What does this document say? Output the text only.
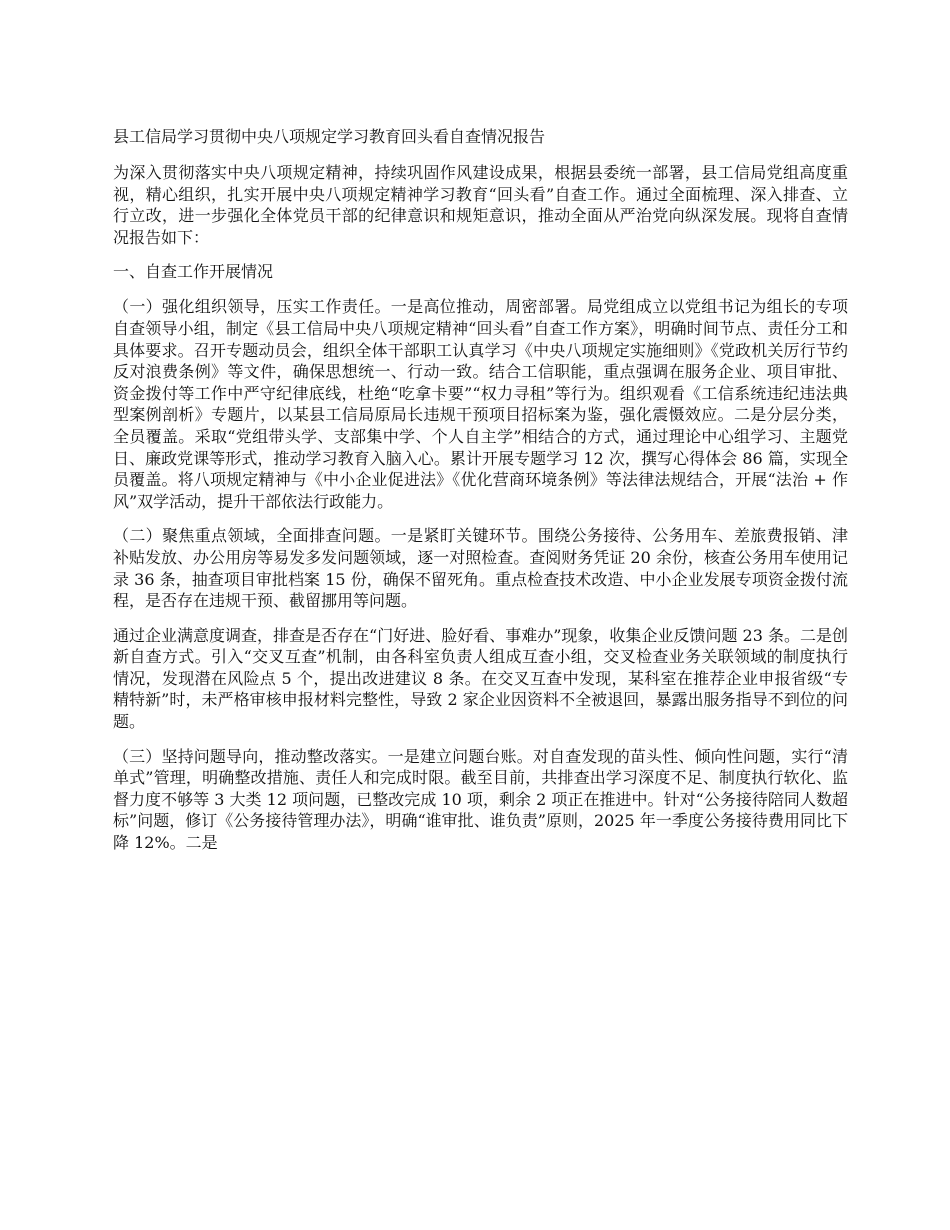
县工信局学习贯彻中央八项规定学习教育回头看自查情况报告

为深入贯彻落实中央八项规定精神，持续巩固作风建设成果，根据县委统一部署，县工信局党组高度重视，精心组织，扎实开展中央八项规定精神学习教育“回头看”自查工作。通过全面梳理、深入排查、立行立改，进一步强化全体党员干部的纪律意识和规矩意识，推动全面从严治党向纵深发展。现将自查情况报告如下：

一、自查工作开展情况

（一）强化组织领导，压实工作责任。一是高位推动，周密部署。局党组成立以党组书记为组长的专项自查领导小组，制定《县工信局中央八项规定精神“回头看”自查工作方案》，明确时间节点、责任分工和具体要求。召开专题动员会，组织全体干部职工认真学习《中央八项规定实施细则》《党政机关厉行节约反对浪费条例》等文件，确保思想统一、行动一致。结合工信职能，重点强调在服务企业、项目审批、资金拨付等工作中严守纪律底线，杜绝“吃拿卡要”“权力寻租”等行为。组织观看《工信系统违纪违法典型案例剖析》专题片，以某县工信局原局长违规干预项目招标案为鉴，强化震慑效应。二是分层分类，全员覆盖。采取“党组带头学、支部集中学、个人自主学”相结合的方式，通过理论中心组学习、主题党日、廉政党课等形式，推动学习教育入脑入心。累计开展专题学习 12 次，撰写心得体会 86 篇，实现全员覆盖。将八项规定精神与《中小企业促进法》《优化营商环境条例》等法律法规结合，开展“法治 + 作风”双学活动，提升干部依法行政能力。

（二）聚焦重点领域，全面排查问题。一是紧盯关键环节。围绕公务接待、公务用车、差旅费报销、津补贴发放、办公用房等易发多发问题领域，逐一对照检查。查阅财务凭证 20 余份，核查公务用车使用记录 36 条，抽查项目审批档案 15 份，确保不留死角。重点检查技术改造、中小企业发展专项资金拨付流程，是否存在违规干预、截留挪用等问题。

通过企业满意度调查，排查是否存在“门好进、脸好看、事难办”现象，收集企业反馈问题 23 条。二是创新自查方式。引入“交叉互查”机制，由各科室负责人组成互查小组，交叉检查业务关联领域的制度执行情况，发现潜在风险点 5 个，提出改进建议 8 条。在交叉互查中发现，某科室在推荐企业申报省级“专精特新”时，未严格审核申报材料完整性，导致 2 家企业因资料不全被退回，暴露出服务指导不到位的问题。

（三）坚持问题导向，推动整改落实。一是建立问题台账。对自查发现的苗头性、倾向性问题，实行“清单式”管理，明确整改措施、责任人和完成时限。截至目前，共排查出学习深度不足、制度执行软化、监督力度不够等 3 大类 12 项问题，已整改完成 10 项，剩余 2 项正在推进中。针对“公务接待陪同人数超标”问题，修订《公务接待管理办法》，明确“谁审批、谁负责”原则，2025 年一季度公务接待费用同比下降 12%。二是
